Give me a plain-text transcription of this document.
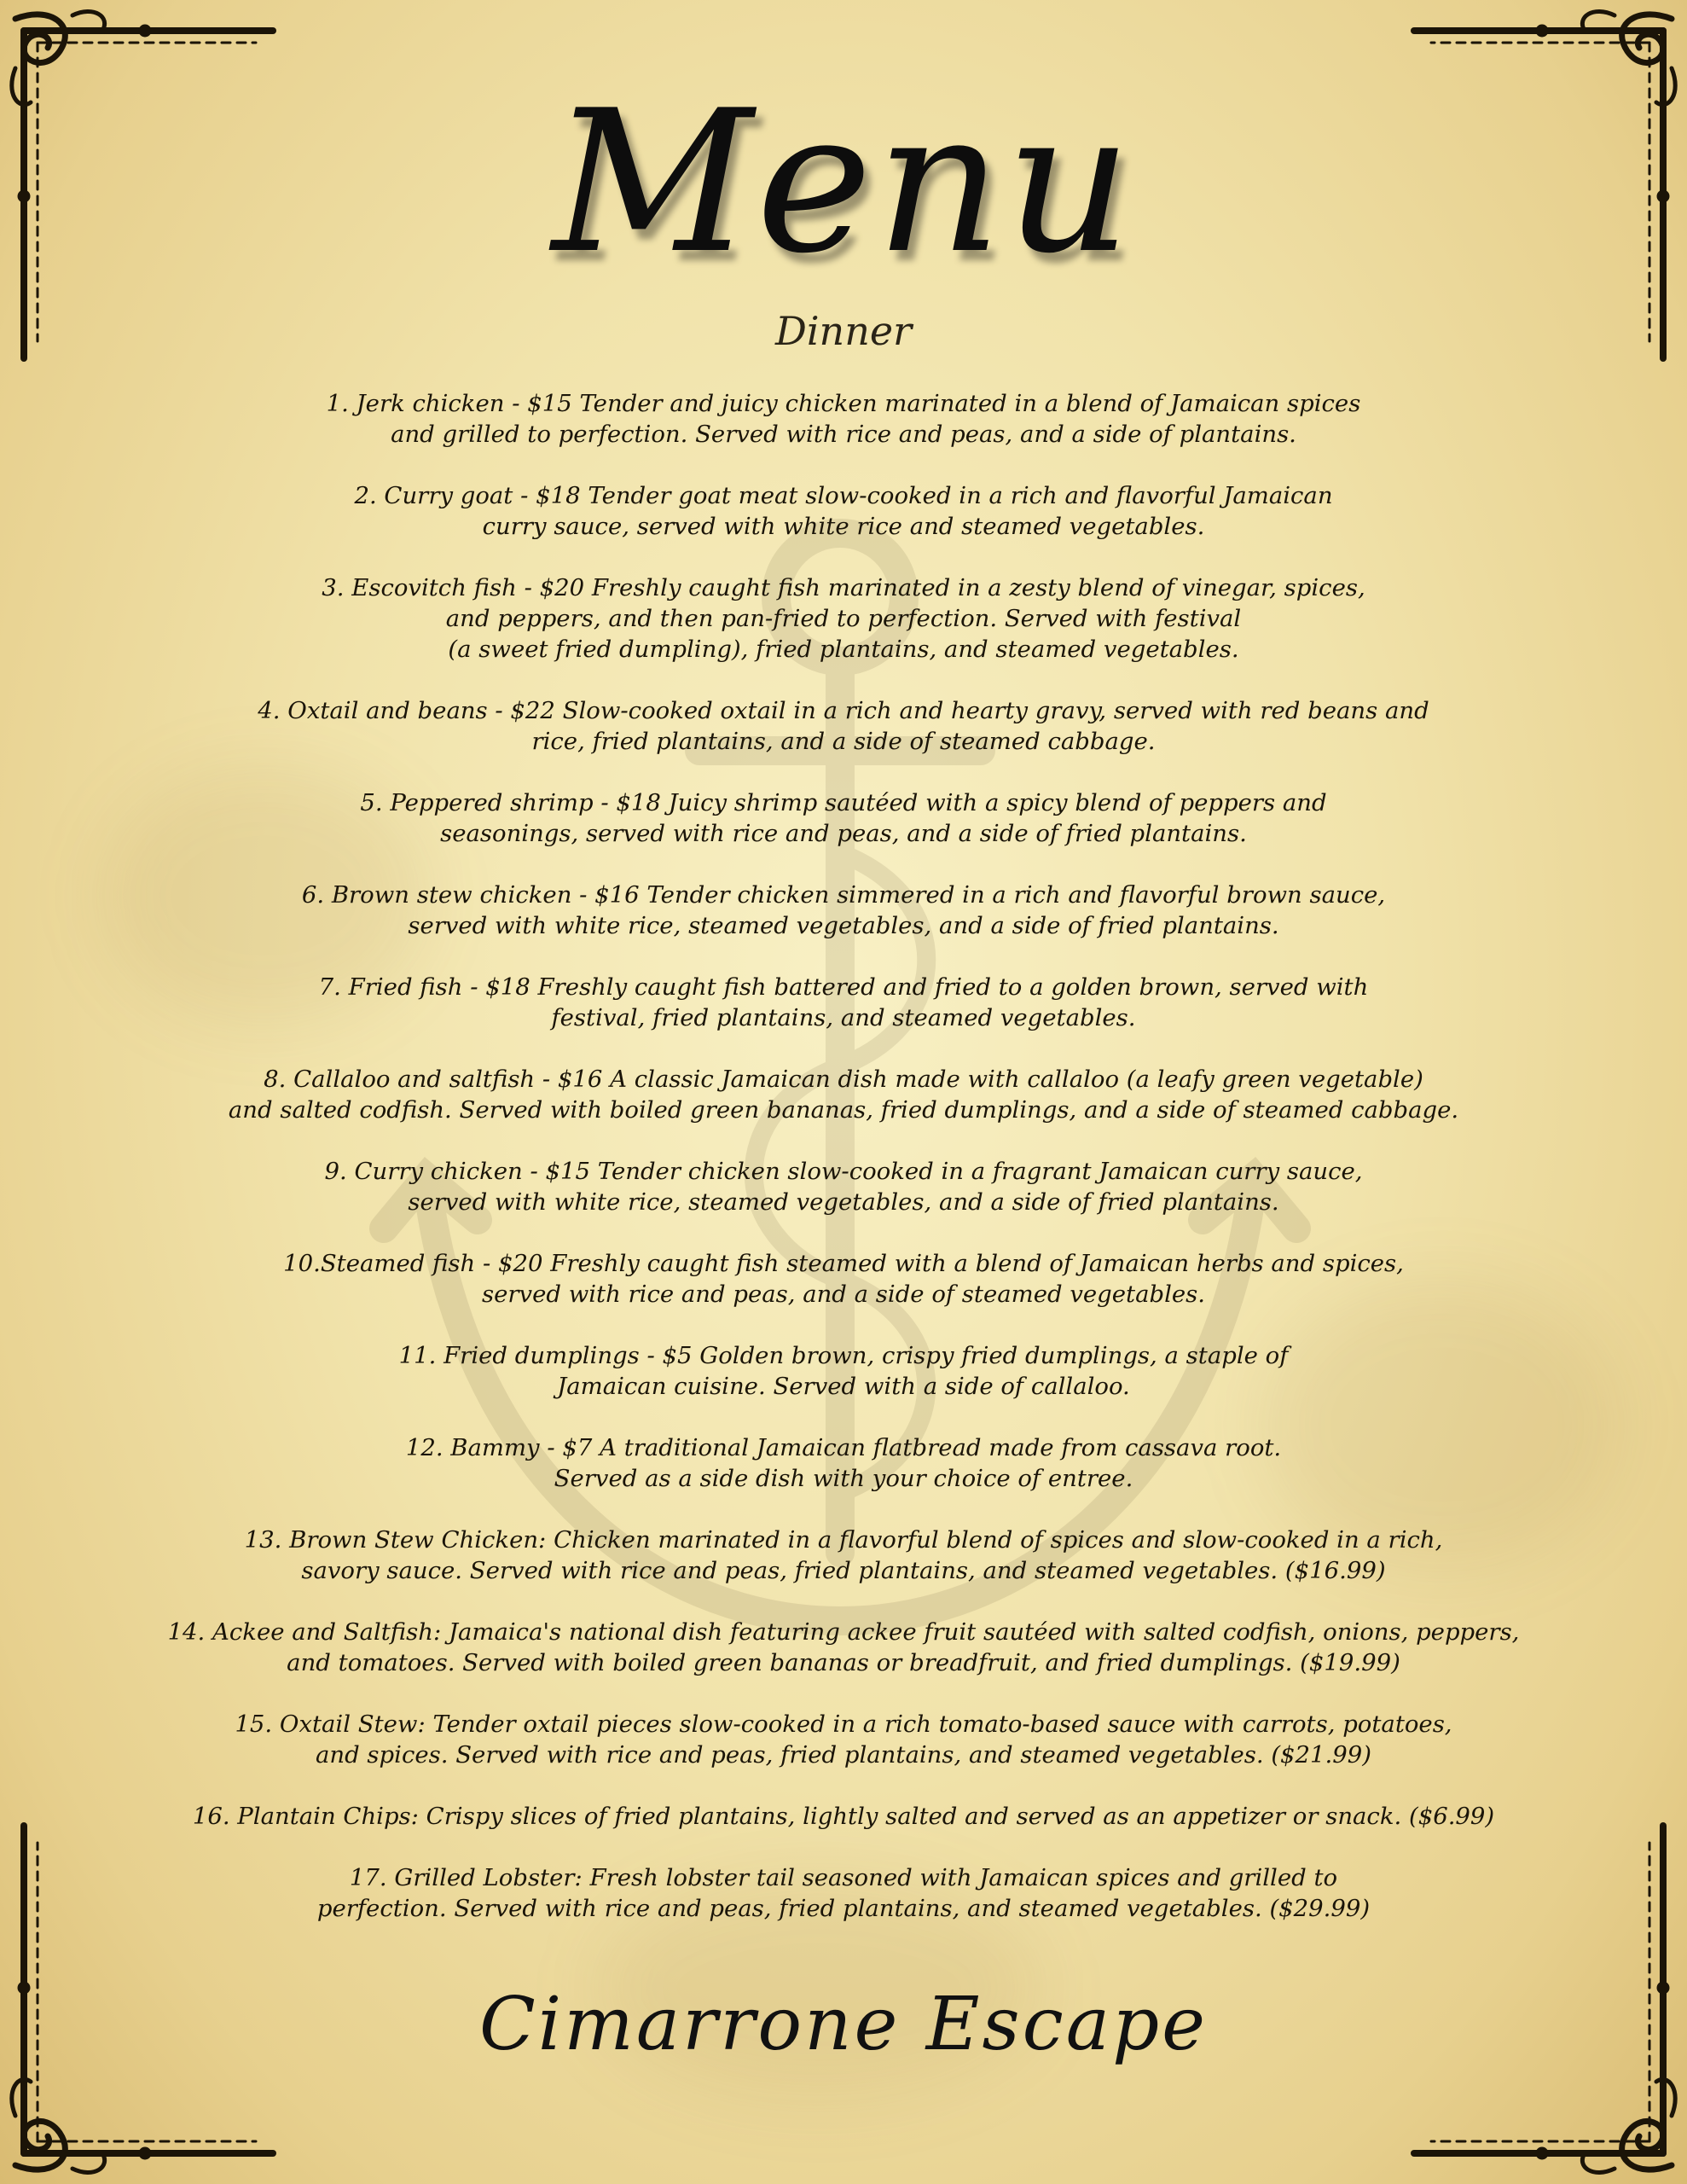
Menu
Dinner
1. Jerk chicken - $15 Tender and juicy chicken marinated in a blend of Jamaican spices
and grilled to perfection. Served with rice and peas, and a side of plantains.
2. Curry goat - $18 Tender goat meat slow-cooked in a rich and flavorful Jamaican
curry sauce, served with white rice and steamed vegetables.
3. Escovitch fish - $20 Freshly caught fish marinated in a zesty blend of vinegar, spices,
and peppers, and then pan-fried to perfection. Served with festival
(a sweet fried dumpling), fried plantains, and steamed vegetables.
4. Oxtail and beans - $22 Slow-cooked oxtail in a rich and hearty gravy, served with red beans and
rice, fried plantains, and a side of steamed cabbage.
5. Peppered shrimp - $18 Juicy shrimp sautéed with a spicy blend of peppers and
seasonings, served with rice and peas, and a side of fried plantains.
6. Brown stew chicken - $16 Tender chicken simmered in a rich and flavorful brown sauce,
served with white rice, steamed vegetables, and a side of fried plantains.
7. Fried fish - $18 Freshly caught fish battered and fried to a golden brown, served with
festival, fried plantains, and steamed vegetables.
8. Callaloo and saltfish - $16 A classic Jamaican dish made with callaloo (a leafy green vegetable)
and salted codfish. Served with boiled green bananas, fried dumplings, and a side of steamed cabbage.
9. Curry chicken - $15 Tender chicken slow-cooked in a fragrant Jamaican curry sauce,
served with white rice, steamed vegetables, and a side of fried plantains.
10.Steamed fish - $20 Freshly caught fish steamed with a blend of Jamaican herbs and spices,
served with rice and peas, and a side of steamed vegetables.
11. Fried dumplings - $5 Golden brown, crispy fried dumplings, a staple of
Jamaican cuisine. Served with a side of callaloo.
12. Bammy - $7 A traditional Jamaican flatbread made from cassava root.
Served as a side dish with your choice of entree.
13. Brown Stew Chicken: Chicken marinated in a flavorful blend of spices and slow-cooked in a rich,
savory sauce. Served with rice and peas, fried plantains, and steamed vegetables. ($16.99)
14. Ackee and Saltfish: Jamaica's national dish featuring ackee fruit sautéed with salted codfish, onions, peppers,
and tomatoes. Served with boiled green bananas or breadfruit, and fried dumplings. ($19.99)
15. Oxtail Stew: Tender oxtail pieces slow-cooked in a rich tomato-based sauce with carrots, potatoes,
and spices. Served with rice and peas, fried plantains, and steamed vegetables. ($21.99)
16. Plantain Chips: Crispy slices of fried plantains, lightly salted and served as an appetizer or snack. ($6.99)
17. Grilled Lobster: Fresh lobster tail seasoned with Jamaican spices and grilled to
perfection. Served with rice and peas, fried plantains, and steamed vegetables. ($29.99)
Cimarrone Escape
